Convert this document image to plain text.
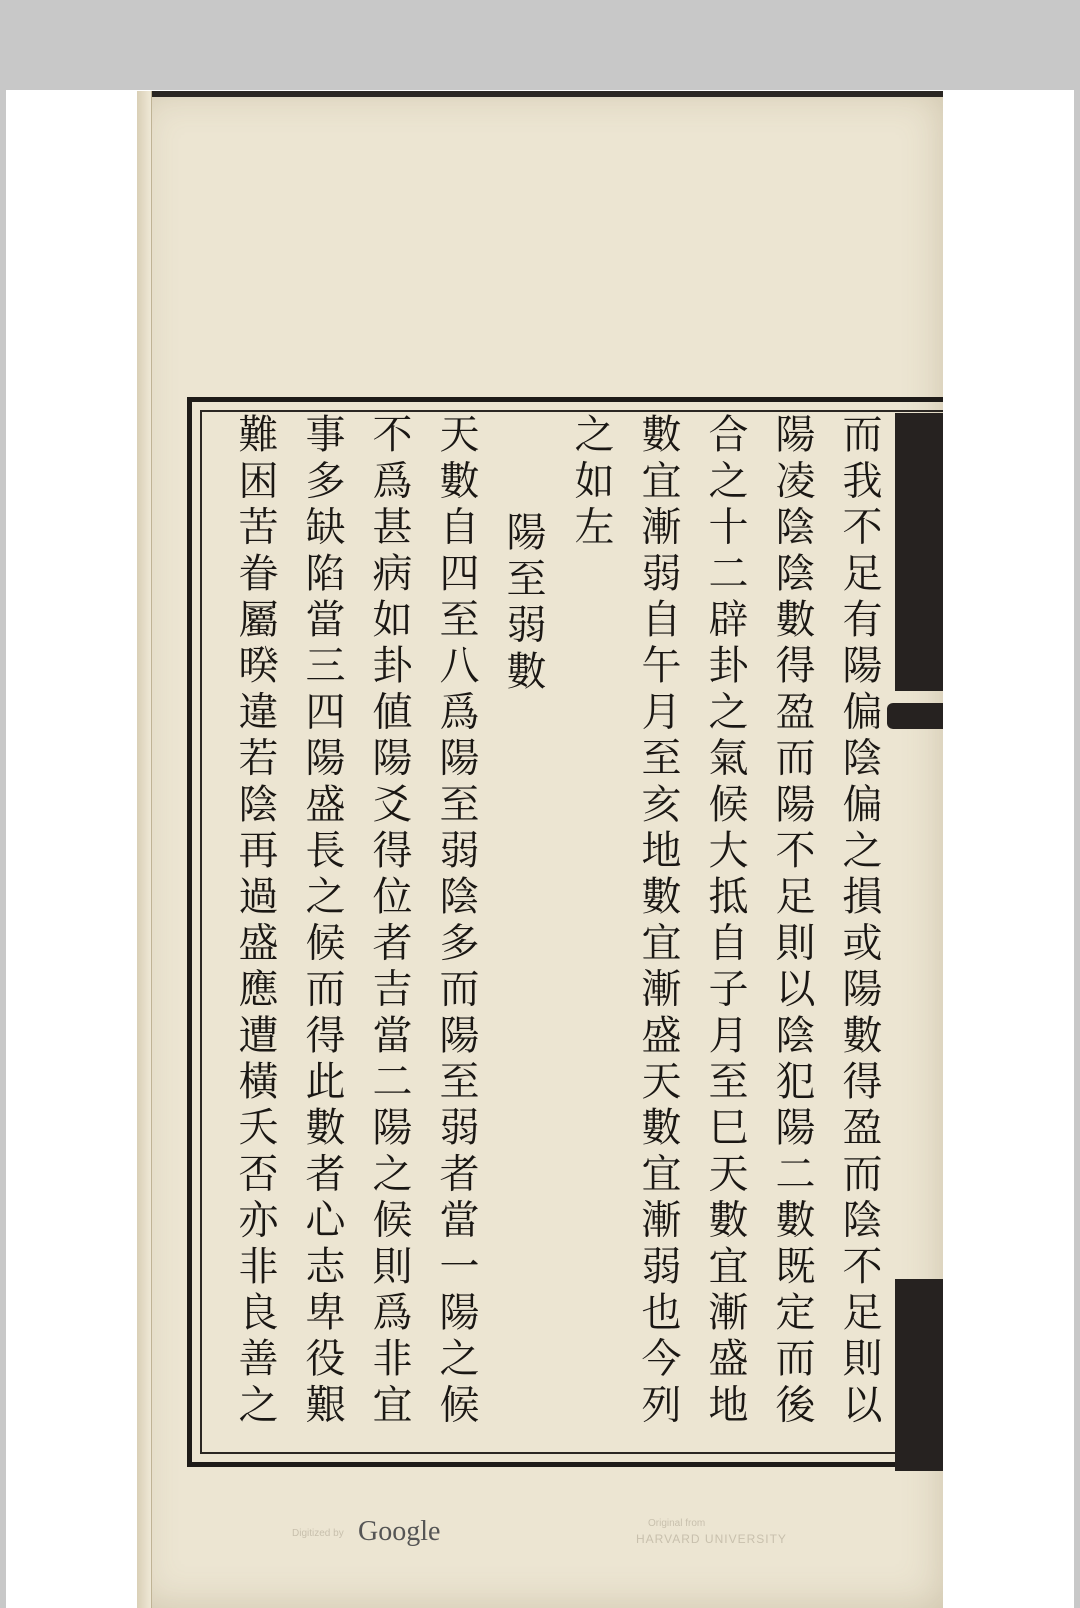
而我不足有陽偏陰偏之損或陽數得盈而陰不足則以
陽凌陰陰數得盈而陽不足則以陰犯陽二數既定而後
合之十二辟卦之氣候大抵自子月至巳天數宜漸盛地
數宜漸弱自午月至亥地數宜漸盛天數宜漸弱也今列
之如左
陽至弱數
天數自四至八爲陽至弱陰多而陽至弱者當一陽之候
不爲甚病如卦値陽爻得位者吉當二陽之候則爲非宜
事多缺陷當三四陽盛長之候而得此數者心志卑役艱
難困苦眷屬暌違若陰再過盛應遭橫夭否亦非良善之
Digitized by Google	Original from
HARVARD UNIVERSITY
